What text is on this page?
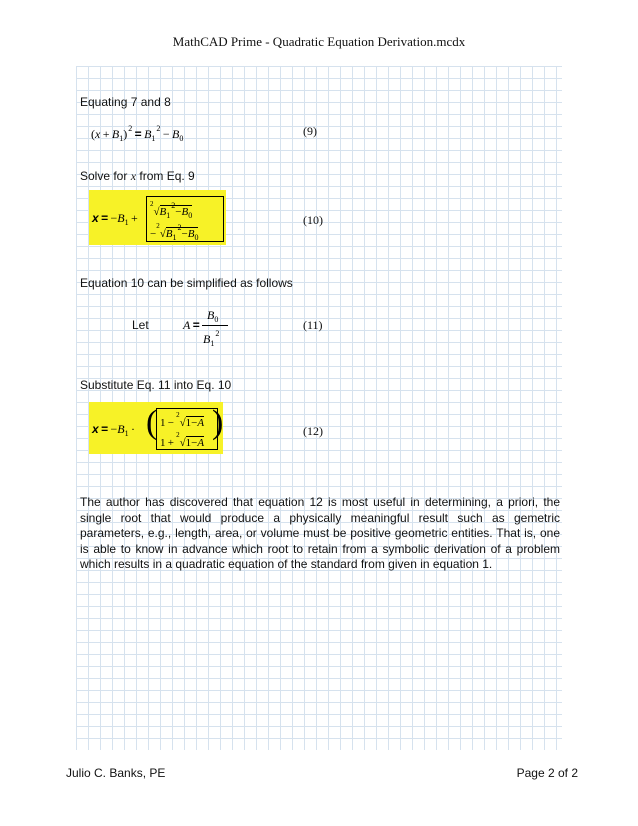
MathCAD Prime - Quadratic Equation Derivation.mcdx
Equating 7 and 8
$(x + B_1)^2 = B_1^2 - B_0$
(9)
Solve for x from Eq. 9
$x = -B_1$ +
$^2√B_1^2-B_0$
$-^2√B_1^2-B_0$
(10)
Equation 10 can be simplified as follows
Let	A  =
$B_0$
$B_1^2$
(11)
Substitute Eq. 11 into Eq. 10
$x = -B_1$ · ( 1 − $^2$√1−A
1 + $^2$√1−A
)	(12)
The author has discovered that equation 12 is most useful in determining, a priori, the single root that would produce a physically meaningful result such as gemetric parameters, e.g., length, area, or volume must be positive geometric entities. That is, one is able to know in advance which root to retain from a symbolic derivation of a problem which results in a quadratic equation of the standard from given in equation 1.
Julio C. Banks, PE	Page 2 of 2
